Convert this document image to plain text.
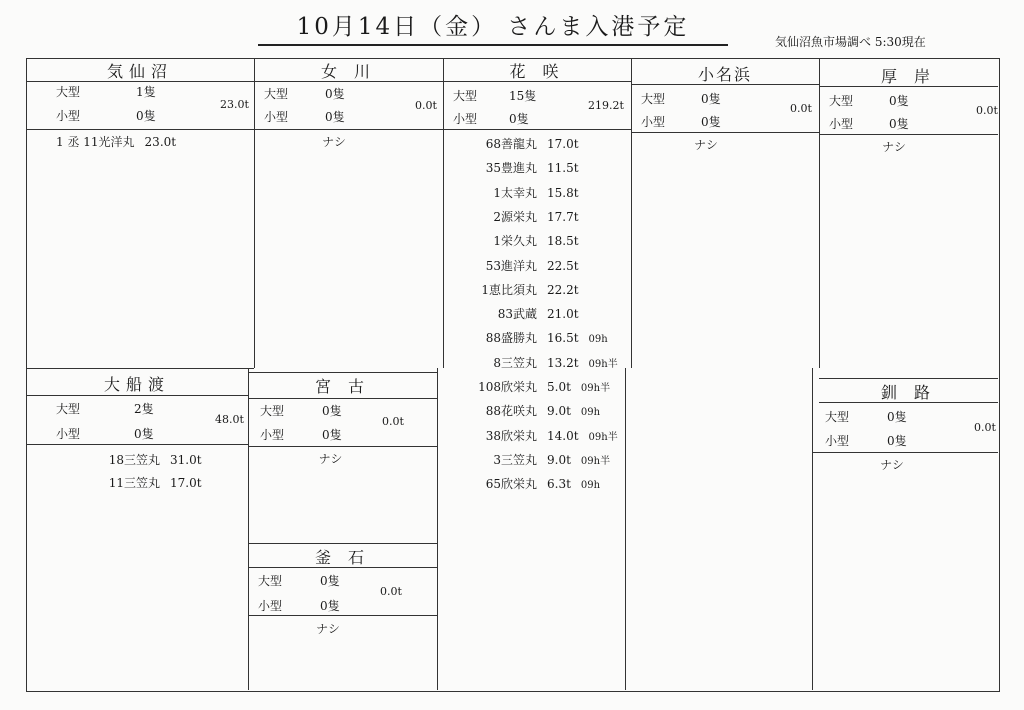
10月14日（金） さんま入港予定
気仙沼魚市場調べ 5:30現在
気仙沼
大型	1隻
小型	0隻
23.0t
1 丞 11光洋丸 23.0t
女 川
大型	0隻
小型	0隻
0.0t
ナシ
花 咲
大型	15隻
小型	0隻
219.2t
68善龍丸 17.0t
35豊進丸 11.5t
1太幸丸 15.8t
2源栄丸 17.7t
1栄久丸 18.5t
53進洋丸 22.5t
1恵比須丸 22.2t
83武蔵 21.0t
88盛勝丸 16.5t 09h
8三笠丸 13.2t 09h半
108欣栄丸 5.0t 09h半
88花咲丸 9.0t 09h
38欣栄丸 14.0t 09h半
3三笠丸 9.0t 09h半
65欣栄丸 6.3t 09h
小名浜
大型	0隻
小型	0隻
0.0t
ナシ
厚 岸
大型	0隻
小型	0隻
0.0t
ナシ
大船渡
大型	2隻
小型	0隻
48.0t
18三笠丸 31.0t
11三笠丸 17.0t
宮 古
大型	0隻
小型	0隻
0.0t
ナシ
釜 石
大型	0隻
小型	0隻
0.0t
ナシ
釧 路
大型	0隻
小型	0隻
0.0t
ナシ
